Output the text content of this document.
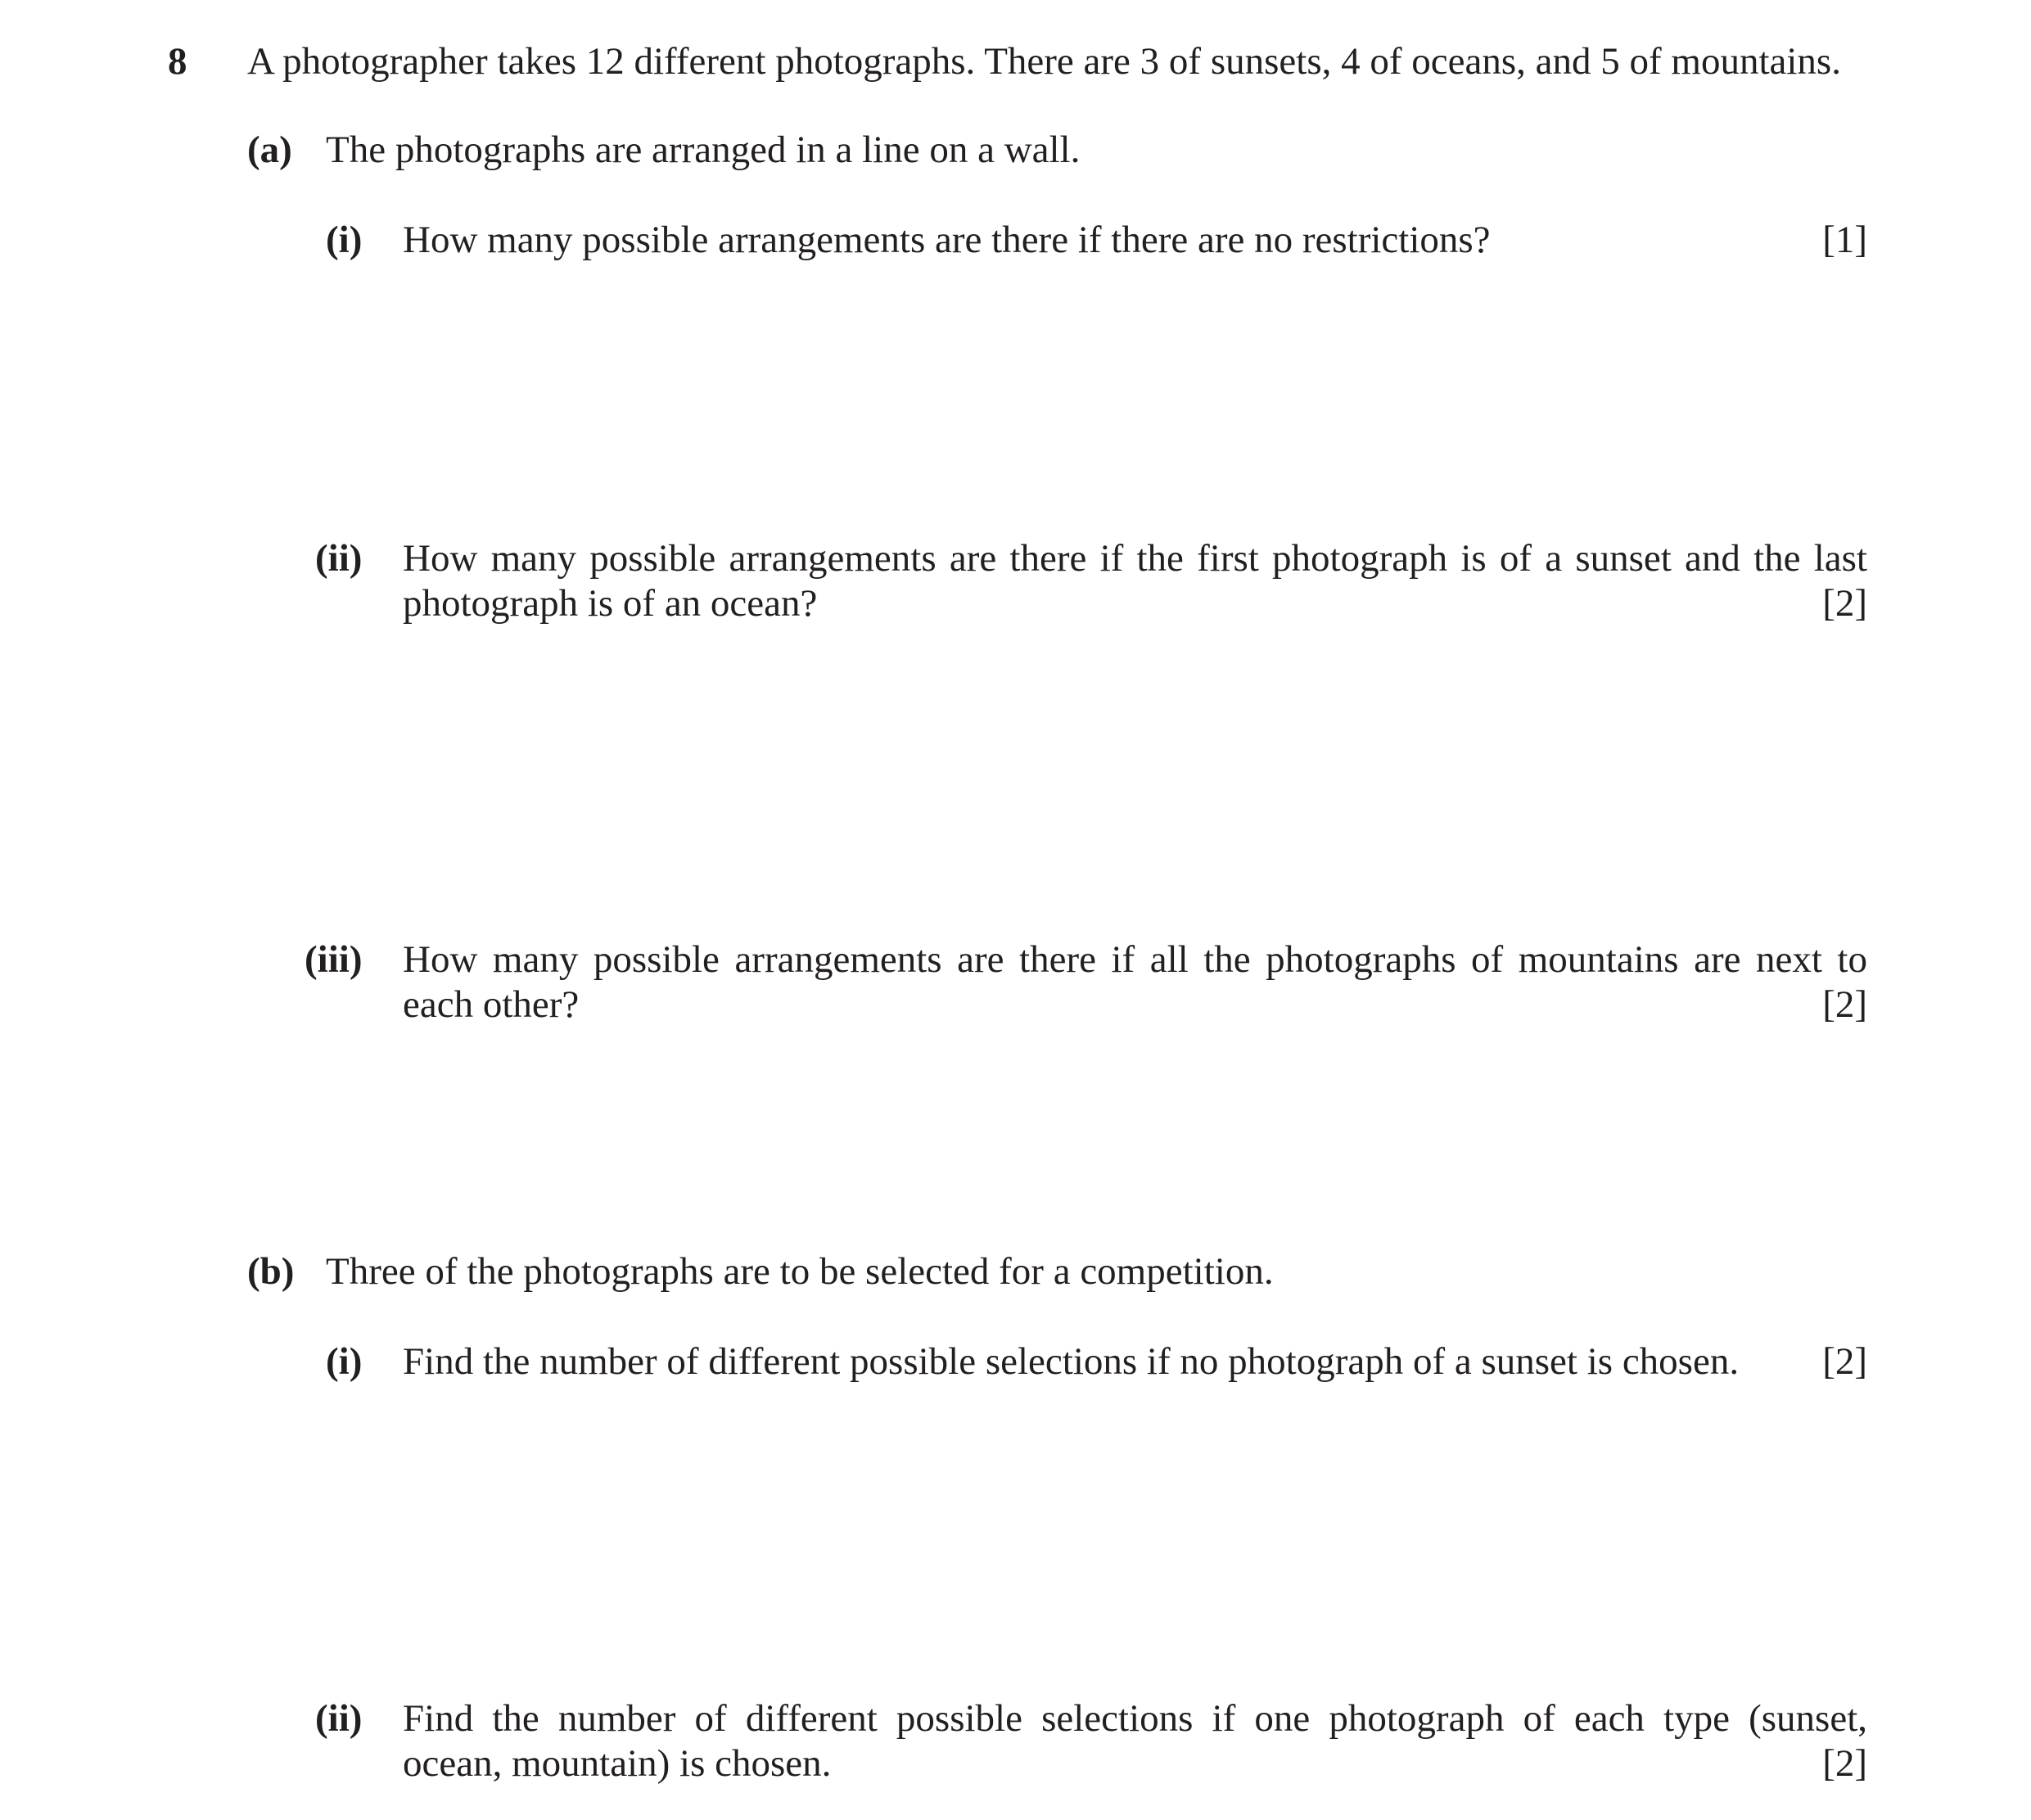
8 A photographer takes 12 different photographs. There are 3 of sunsets, 4 of oceans, and 5 of mountains.
(a) The photographs are arranged in a line on a wall.
(i) How many possible arrangements are there if there are no restrictions?	[1]
(ii) How many possible arrangements are there if the first photograph is of a sunset and the last
photograph is of an ocean?	[2]
(iii) How many possible arrangements are there if all the photographs of mountains are next to
each other?	[2]
(b) Three of the photographs are to be selected for a competition.
(i) Find the number of different possible selections if no photograph of a sunset is chosen. [2]
(ii) Find the number of different possible selections if one photograph of each type (sunset,
ocean, mountain) is chosen.	[2]
